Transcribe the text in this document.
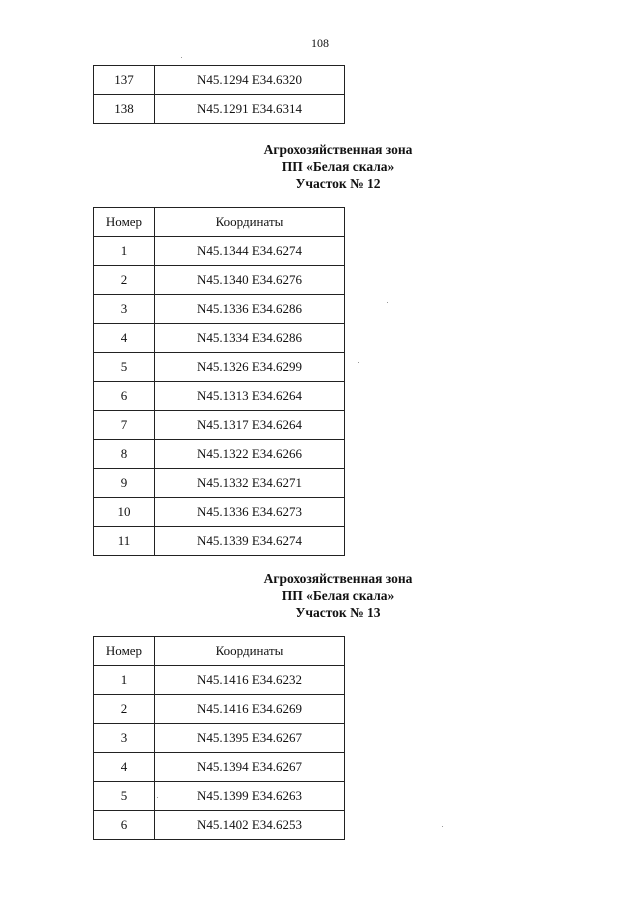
108
137	N45.1294 E34.6320
138	N45.1291 E34.6314
Агрохозяйственная зона
ПП «Белая скала»
Участок № 12
Номер	Координаты
1	N45.1344 E34.6274
2	N45.1340 E34.6276
3	N45.1336 E34.6286
4	N45.1334 E34.6286
5	N45.1326 E34.6299
6	N45.1313 E34.6264
7	N45.1317 E34.6264
8	N45.1322 E34.6266
9	N45.1332 E34.6271
10	N45.1336 E34.6273
11	N45.1339 E34.6274
Агрохозяйственная зона
ПП «Белая скала»
Участок № 13
Номер	Координаты
1	N45.1416 E34.6232
2	N45.1416 E34.6269
3	N45.1395 E34.6267
4	N45.1394 E34.6267
5	N45.1399 E34.6263
6	N45.1402 E34.6253
